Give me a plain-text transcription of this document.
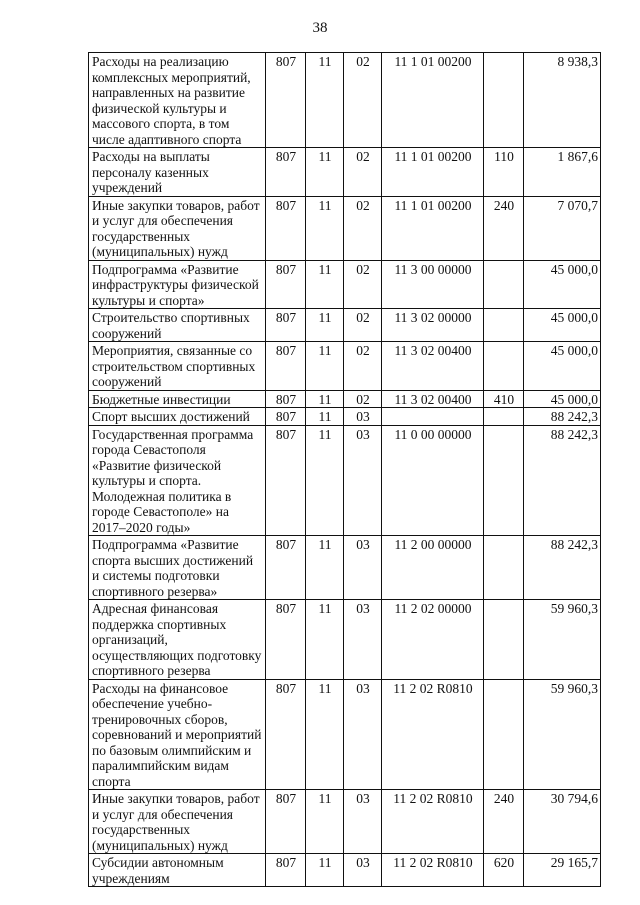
38
Расходы на реализацию комплексных мероприятий, направленных на развитие физической культуры и массового спорта, в том числе адаптивного спорта	807	11	02	11 1 01 00200		8 938,3
Расходы на выплаты персоналу казенных учреждений	807	11	02	11 1 01 00200	110	1 867,6
Иные закупки товаров, работ и услуг для обеспечения государственных (муниципальных) нужд	807	11	02	11 1 01 00200	240	7 070,7
Подпрограмма «Развитие инфраструктуры физической культуры и спорта»	807	11	02	11 3 00 00000		45 000,0
Строительство спортивных сооружений	807	11	02	11 3 02 00000		45 000,0
Мероприятия, связанные со строительством спортивных сооружений	807	11	02	11 3 02 00400		45 000,0
Бюджетные инвестиции	807	11	02	11 3 02 00400	410	45 000,0
Спорт высших достижений	807	11	03			88 242,3
Государственная программа города Севастополя «Развитие физической культуры и спорта. Молодежная политика в городе Севастополе» на 2017–2020 годы»	807	11	03	11 0 00 00000		88 242,3
Подпрограмма «Развитие спорта высших достижений и системы подготовки спортивного резерва»	807	11	03	11 2 00 00000		88 242,3
Адресная финансовая поддержка спортивных организаций, осуществляющих подготовку спортивного резерва	807	11	03	11 2 02 00000		59 960,3
Расходы на финансовое обеспечение учебно-тренировочных сборов, соревнований и мероприятий по базовым олимпийским и паралимпийским видам спорта	807	11	03	11 2 02 R0810		59 960,3
Иные закупки товаров, работ и услуг для обеспечения государственных (муниципальных) нужд	807	11	03	11 2 02 R0810	240	30 794,6
Субсидии автономным учреждениям	807	11	03	11 2 02 R0810	620	29 165,7
